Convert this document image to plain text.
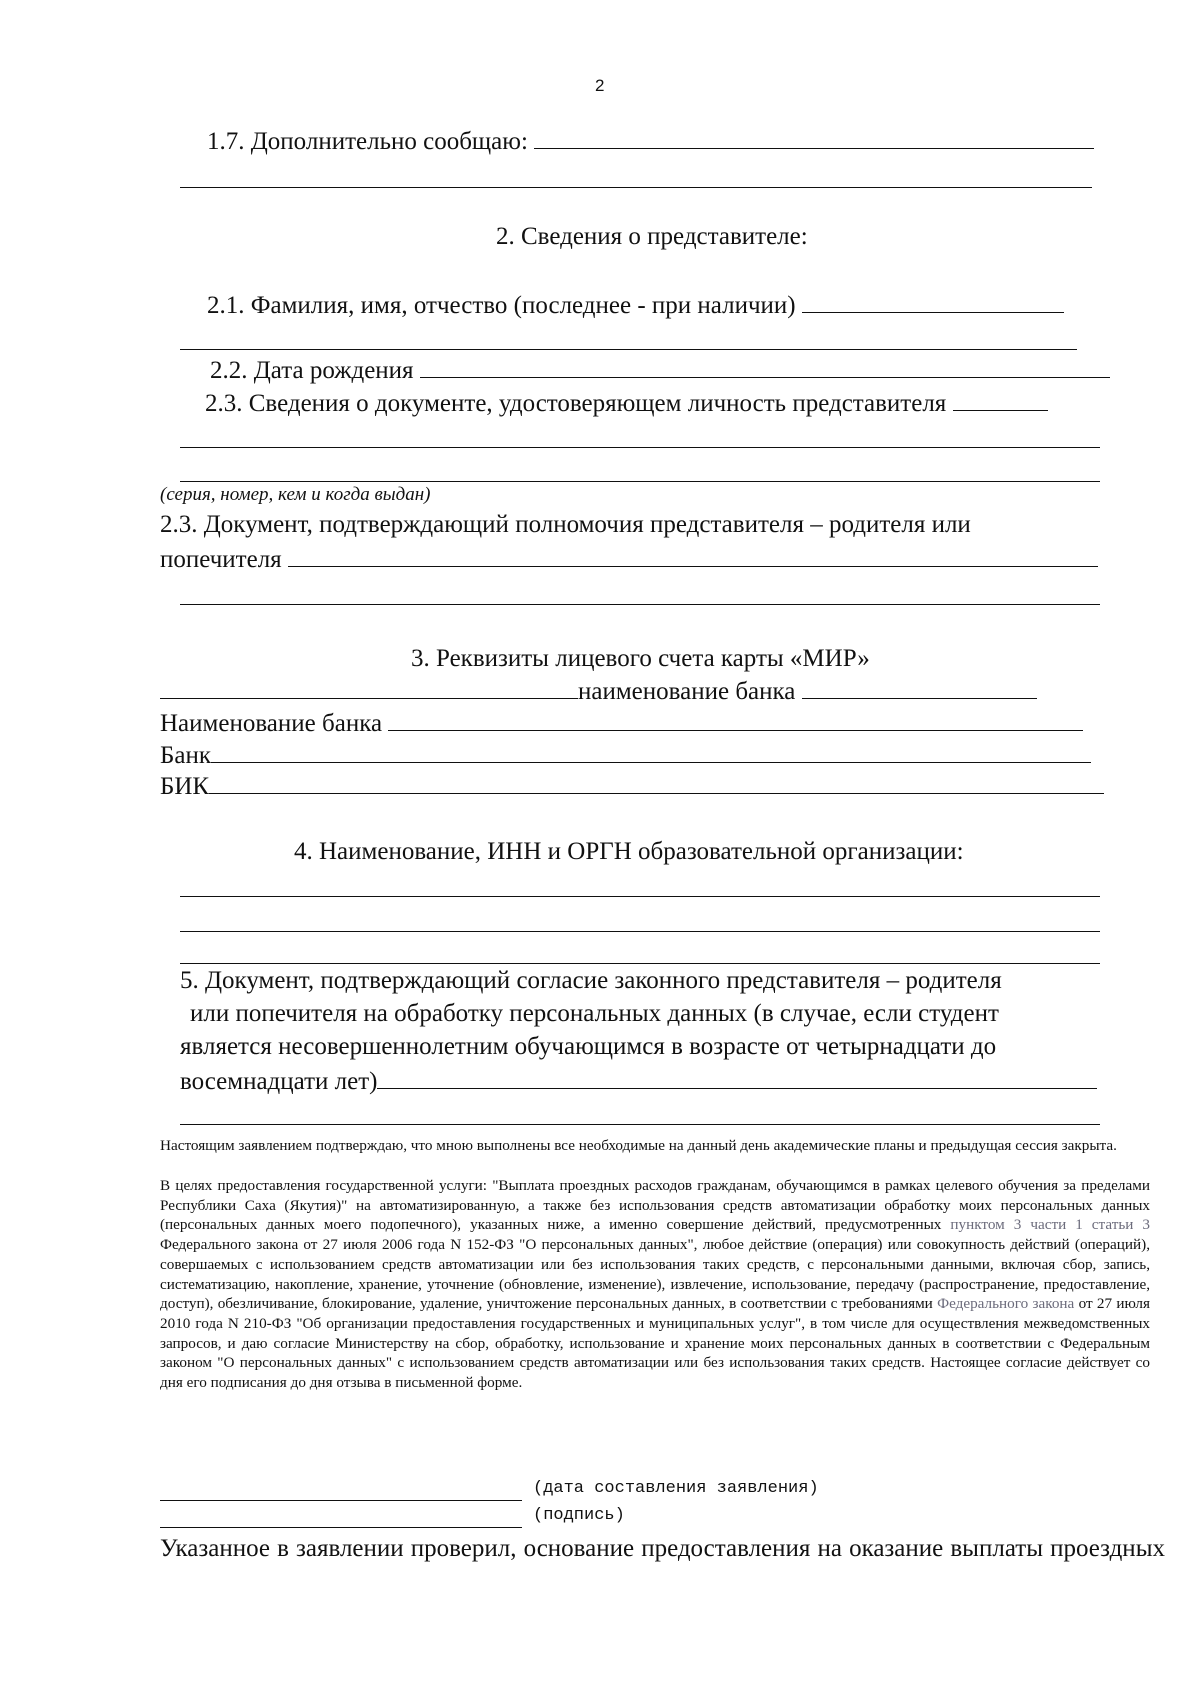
2
1.7. Дополнительно сообщаю:
2. Сведения о представителе:
2.1. Фамилия, имя, отчество (последнее - при наличии)
2.2. Дата рождения
2.3. Сведения о документе, удостоверяющем личность представителя
(серия, номер, кем и когда выдан)
2.3. Документ, подтверждающий полномочия представителя – родителя или
попечителя
3. Реквизиты лицевого счета карты «МИР»
наименование банка
Наименование банка
Банк
БИК
4. Наименование, ИНН и ОРГН образовательной организации:
5. Документ, подтверждающий согласие законного представителя – родителя
или попечителя на обработку персональных данных (в случае, если студент
является несовершеннолетним обучающимся в возрасте от четырнадцати до
восемнадцати лет)
Настоящим заявлением подтверждаю, что мною выполнены все необходимые на данный день академические планы и предыдущая сессия закрыта.
В целях предоставления государственной услуги: "Выплата проездных расходов гражданам, обучающимся в рамках целевого обучения за пределами Республики Саха (Якутия)" на автоматизированную, а также без использования средств автоматизации обработку моих персональных данных (персональных данных моего подопечного), указанных ниже, а именно совершение действий, предусмотренных пунктом 3 части 1 статьи 3 Федерального закона от 27 июля 2006 года N 152-ФЗ "О персональных данных", любое действие (операция) или совокупность действий (операций), совершаемых с использованием средств автоматизации или без использования таких средств, с персональными данными, включая сбор, запись, систематизацию, накопление, хранение, уточнение (обновление, изменение), извлечение, использование, передачу (распространение, предоставление, доступ), обезличивание, блокирование, удаление, уничтожение персональных данных, в соответствии с требованиями Федерального закона от 27 июля 2010 года N 210-ФЗ "Об организации предоставления государственных и муниципальных услуг", в том числе для осуществления межведомственных запросов, и даю согласие Министерству на сбор, обработку, использование и хранение моих персональных данных в соответствии с Федеральным законом "О персональных данных" с использованием средств автоматизации или без использования таких средств. Настоящее согласие действует со дня его подписания до дня отзыва в письменной форме.
(дата составления заявления)
(подпись)
Указанное в заявлении проверил, основание предоставления на оказание выплаты проездных
